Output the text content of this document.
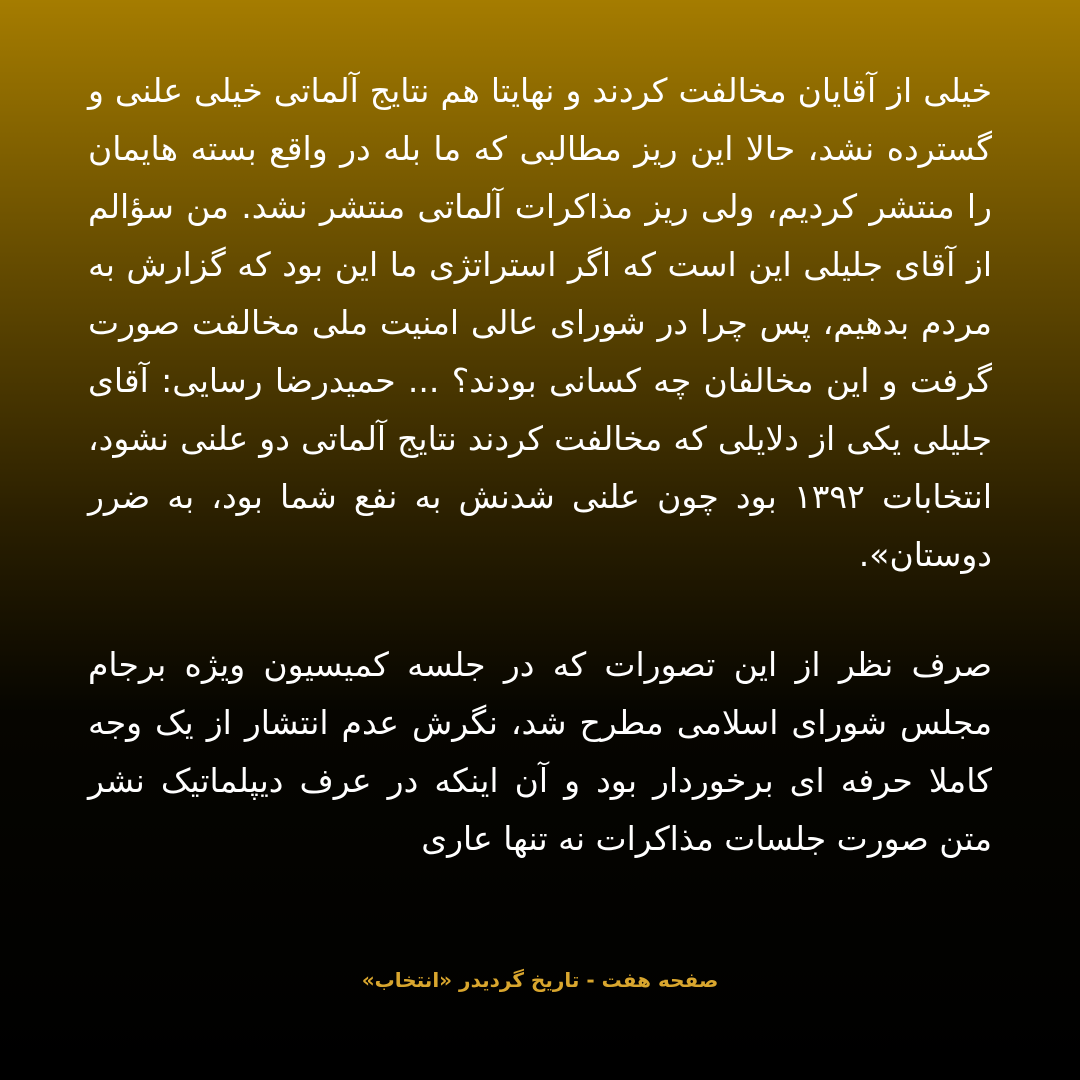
خیلی از آقایان مخالفت کردند و نهایتا هم نتایج آلماتی خیلی علنی و گسترده نشد، حالا این ریز مطالبی که ما بله در واقع بسته هایمان را منتشر کردیم، ولی ریز مذاکرات آلماتی منتشر نشد. من سؤالم از آقای جلیلی این است که اگر استراتژی ما این بود که گزارش به مردم بدهیم، پس چرا در شورای عالی امنیت ملی مخالفت صورت گرفت و این مخالفان چه کسانی بودند؟ ... حمیدرضا رسایی: آقای جلیلی یکی از دلایلی که مخالفت کردند نتایج آلماتی دو علنی نشود، انتخابات ۱۳۹۲ بود چون علنی شدنش به نفع شما بود، به ضرر دوستان».

صرف نظر از این تصورات که در جلسه کمیسیون ویژه برجام مجلس شورای اسلامی مطرح شد، نگرش عدم انتشار از یک وجه کاملا حرفه ای برخوردار بود و آن اینکه در عرف دیپلماتیک نشر متن صورت جلسات مذاکرات نه تنها عاری

صفحه هفت - تاریخ گردیدر «انتخاب»
